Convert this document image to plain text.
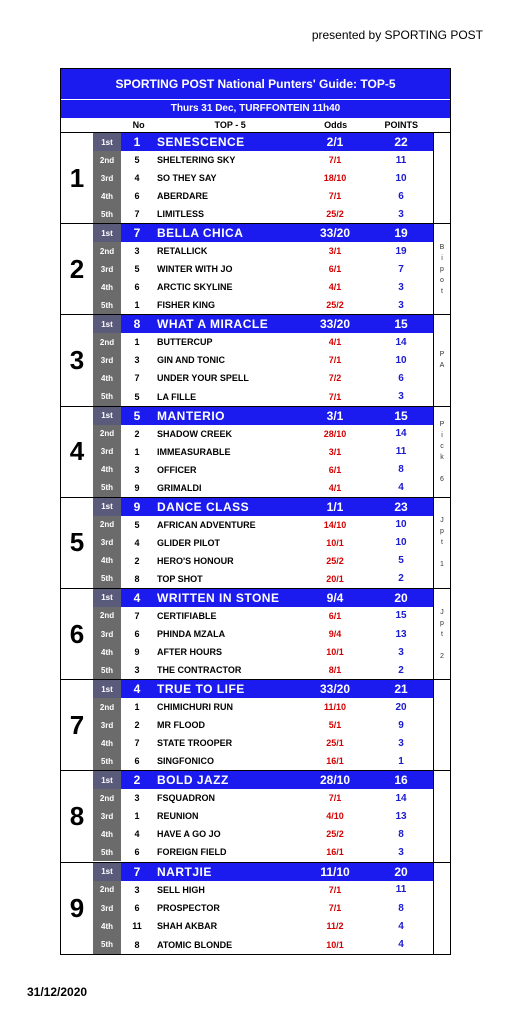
presented by SPORTING POST
SPORTING POST National Punters' Guide: TOP-5
Thurs 31 Dec, TURFFONTEIN 11h40
No	TOP - 5	Odds	POINTS
1
1st	1	SENESCENCE	2/1	22
2nd	5	SHELTERING SKY	7/1	11
3rd	4	SO THEY SAY	18/10	10
4th	6	ABERDARE	7/1	6
5th	7	LIMITLESS	25/2	3
2
1st	7	BELLA CHICA	33/20	19
2nd	3	RETALLICK	3/1	19
3rd	5	WINTER WITH JO	6/1	7
4th	6	ARCTIC SKYLINE	4/1	3
5th	1	FISHER KING	25/2	3
B
i
p
o
t
3
1st	8	WHAT A MIRACLE	33/20	15
2nd	1	BUTTERCUP	4/1	14
3rd	3	GIN AND TONIC	7/1	10
4th	7	UNDER YOUR SPELL	7/2	6
5th	5	LA FILLE	7/1	3
P
A
4
1st	5	MANTERIO	3/1	15
2nd	2	SHADOW CREEK	28/10	14
3rd	1	IMMEASURABLE	3/1	11
4th	3	OFFICER	6/1	8
5th	9	GRIMALDI	4/1	4
P
i
c
k

6
5
1st	9	DANCE CLASS	1/1	23
2nd	5	AFRICAN ADVENTURE	14/10	10
3rd	4	GLIDER PILOT	10/1	10
4th	2	HERO'S HONOUR	25/2	5
5th	8	TOP SHOT	20/1	2
J
p
t

1
6
1st	4	WRITTEN IN STONE	9/4	20
2nd	7	CERTIFIABLE	6/1	15
3rd	6	PHINDA MZALA	9/4	13
4th	9	AFTER HOURS	10/1	3
5th	3	THE CONTRACTOR	8/1	2
J
p
t

2
7
1st	4	TRUE TO LIFE	33/20	21
2nd	1	CHIMICHURI RUN	11/10	20
3rd	2	MR FLOOD	5/1	9
4th	7	STATE TROOPER	25/1	3
5th	6	SINGFONICO	16/1	1
8
1st	2	BOLD JAZZ	28/10	16
2nd	3	FSQUADRON	7/1	14
3rd	1	REUNION	4/10	13
4th	4	HAVE A GO JO	25/2	8
5th	6	FOREIGN FIELD	16/1	3
9
1st	7	NARTJIE	11/10	20
2nd	3	SELL HIGH	7/1	11
3rd	6	PROSPECTOR	7/1	8
4th	11	SHAH AKBAR	11/2	4
5th	8	ATOMIC BLONDE	10/1	4
31/12/2020
